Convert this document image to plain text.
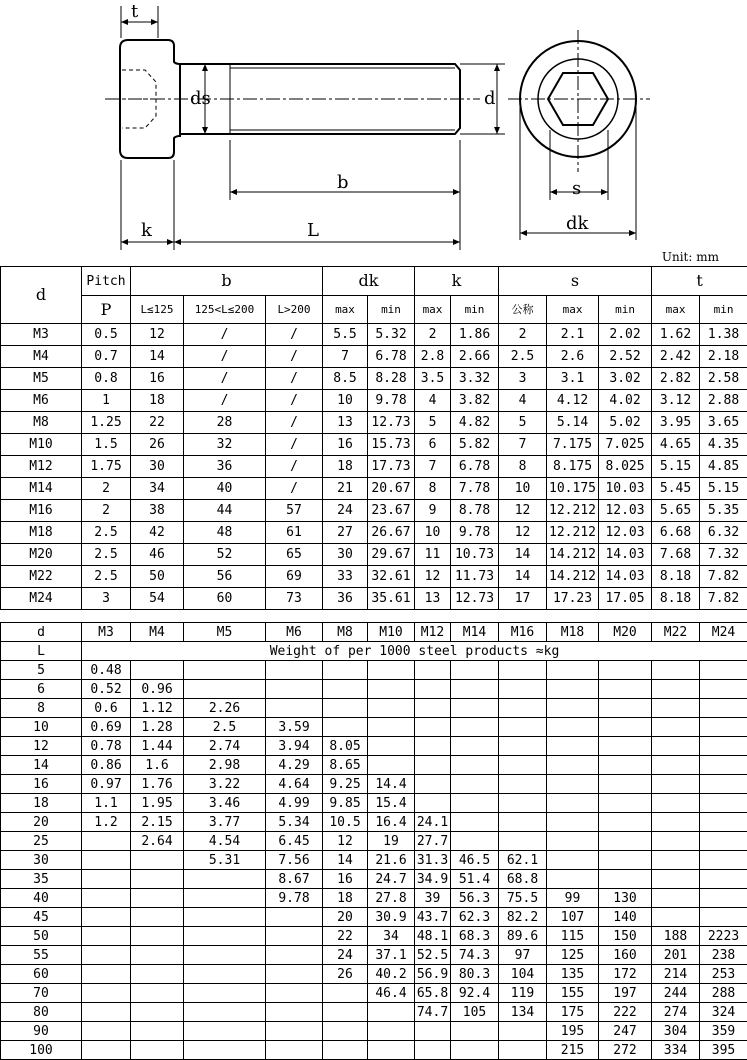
t
ds	d
b
k	L
s
dk
Unit: mm
d	Pitch	b			dk		k		s			t	
	P	L≤125	125<L≤200	L>200	max	min	max	min	公称	max	min	max	min
M3	0.5	12	/	/	5.5	5.32	2	1.86	2	2.1	2.02	1.62	1.38
M4	0.7	14	/	/	7	6.78	2.8	2.66	2.5	2.6	2.52	2.42	2.18
M5	0.8	16	/	/	8.5	8.28	3.5	3.32	3	3.1	3.02	2.82	2.58
M6	1	18	/	/	10	9.78	4	3.82	4	4.12	4.02	3.12	2.88
M8	1.25	22	28	/	13	12.73	5	4.82	5	5.14	5.02	3.95	3.65
M10	1.5	26	32	/	16	15.73	6	5.82	7	7.175	7.025	4.65	4.35
M12	1.75	30	36	/	18	17.73	7	6.78	8	8.175	8.025	5.15	4.85
M14	2	34	40	/	21	20.67	8	7.78	10	10.175	10.03	5.45	5.15
M16	2	38	44	57	24	23.67	9	8.78	12	12.212	12.03	5.65	5.35
M18	2.5	42	48	61	27	26.67	10	9.78	12	12.212	12.03	6.68	6.32
M20	2.5	46	52	65	30	29.67	11	10.73	14	14.212	14.03	7.68	7.32
M22	2.5	50	56	69	33	32.61	12	11.73	14	14.212	14.03	8.18	7.82
M24	3	54	60	73	36	35.61	13	12.73	17	17.23	17.05	8.18	7.82
d	M3	M4	M5	M6	M8	M10	M12	M14	M16	M18	M20	M22	M24
L	Weight of per 1000 steel products ≈kg												
5	0.48												
6	0.52	0.96											
8	0.6	1.12	2.26										
10	0.69	1.28	2.5	3.59									
12	0.78	1.44	2.74	3.94	8.05								
14	0.86	1.6	2.98	4.29	8.65								
16	0.97	1.76	3.22	4.64	9.25	14.4							
18	1.1	1.95	3.46	4.99	9.85	15.4							
20	1.2	2.15	3.77	5.34	10.5	16.4	24.1						
25		2.64	4.54	6.45	12	19	27.7						
30			5.31	7.56	14	21.6	31.3	46.5	62.1				
35				8.67	16	24.7	34.9	51.4	68.8				
40				9.78	18	27.8	39	56.3	75.5	99	130		
45					20	30.9	43.7	62.3	82.2	107	140		
50					22	34	48.1	68.3	89.6	115	150	188	2223
55					24	37.1	52.5	74.3	97	125	160	201	238
60					26	40.2	56.9	80.3	104	135	172	214	253
70						46.4	65.8	92.4	119	155	197	244	288
80							74.7	105	134	175	222	274	324
90										195	247	304	359
100										215	272	334	395
